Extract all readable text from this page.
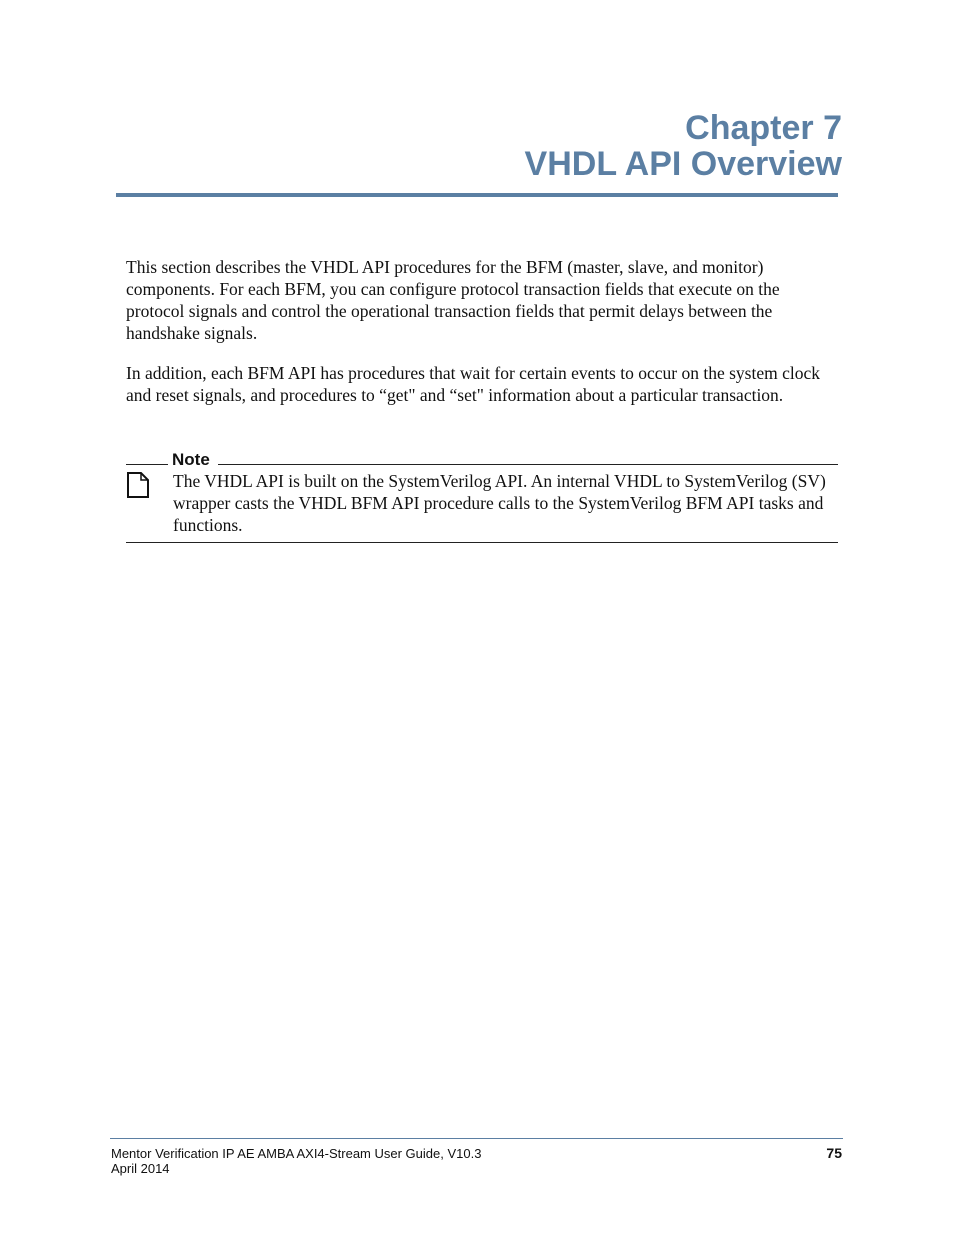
Chapter 7
VHDL API Overview

This section describes the VHDL API procedures for the BFM (master, slave, and monitor) components. For each BFM, you can configure protocol transaction fields that execute on the protocol signals and control the operational transaction fields that permit delays between the handshake signals.

In addition, each BFM API has procedures that wait for certain events to occur on the system clock and reset signals, and procedures to “get" and “set" information about a particular transaction.

Note

The VHDL API is built on the SystemVerilog API. An internal VHDL to SystemVerilog (SV) wrapper casts the VHDL BFM API procedure calls to the SystemVerilog BFM API tasks and functions.

Mentor Verification IP AE AMBA AXI4-Stream User Guide, V10.3
April 2014
75
